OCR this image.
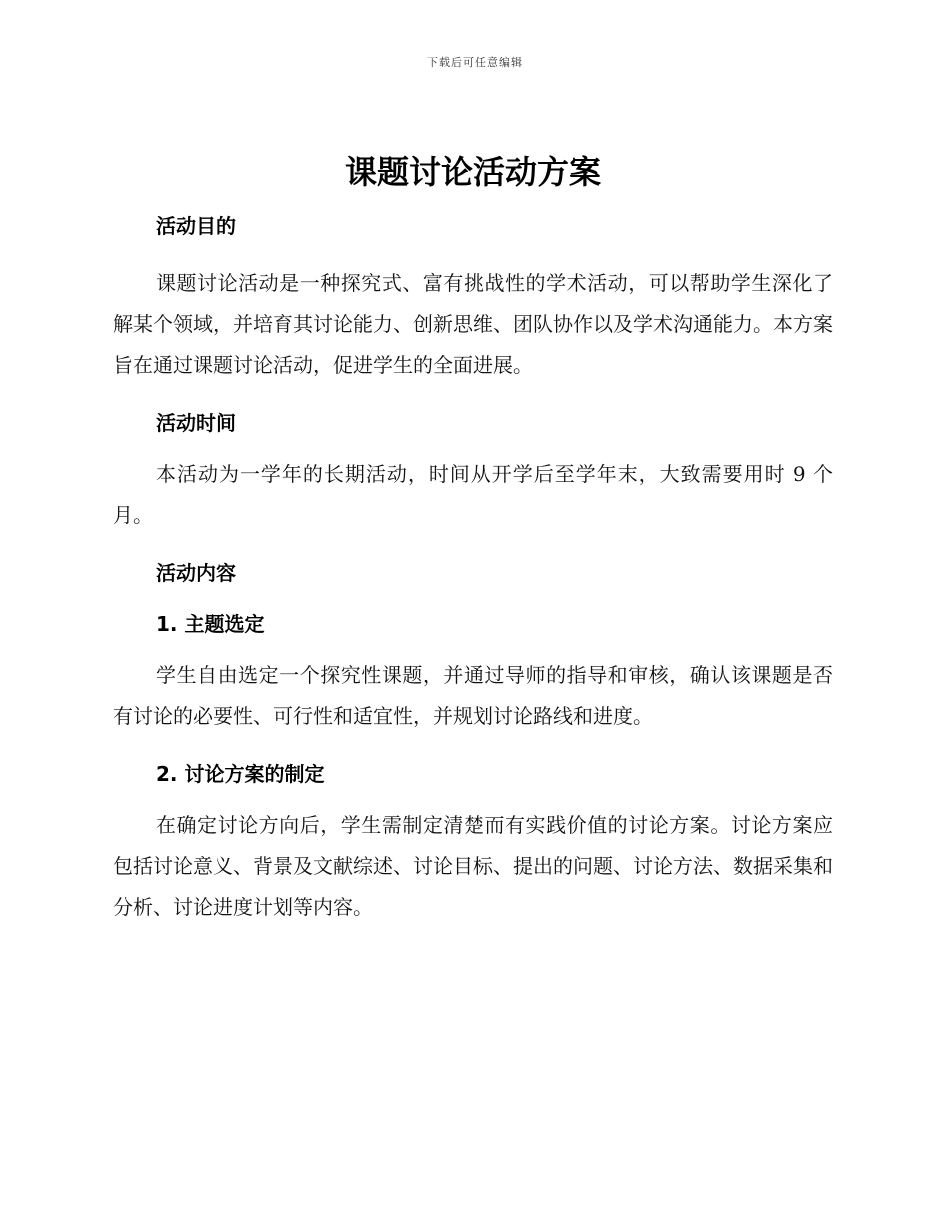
下载后可任意编辑
课题讨论活动方案
活动目的

课题讨论活动是一种探究式、富有挑战性的学术活动，可以帮助学生深化了解某个领域，并培育其讨论能力、创新思维、团队协作以及学术沟通能力。本方案旨在通过课题讨论活动，促进学生的全面进展。

活动时间

本活动为一学年的长期活动，时间从开学后至学年末，大致需要用时 9 个月。

活动内容
1. 主题选定

学生自由选定一个探究性课题，并通过导师的指导和审核，确认该课题是否有讨论的必要性、可行性和适宜性，并规划讨论路线和进度。

2. 讨论方案的制定

在确定讨论方向后，学生需制定清楚而有实践价值的讨论方案。讨论方案应包括讨论意义、背景及文献综述、讨论目标、提出的问题、讨论方法、数据采集和分析、讨论进度计划等内容。
